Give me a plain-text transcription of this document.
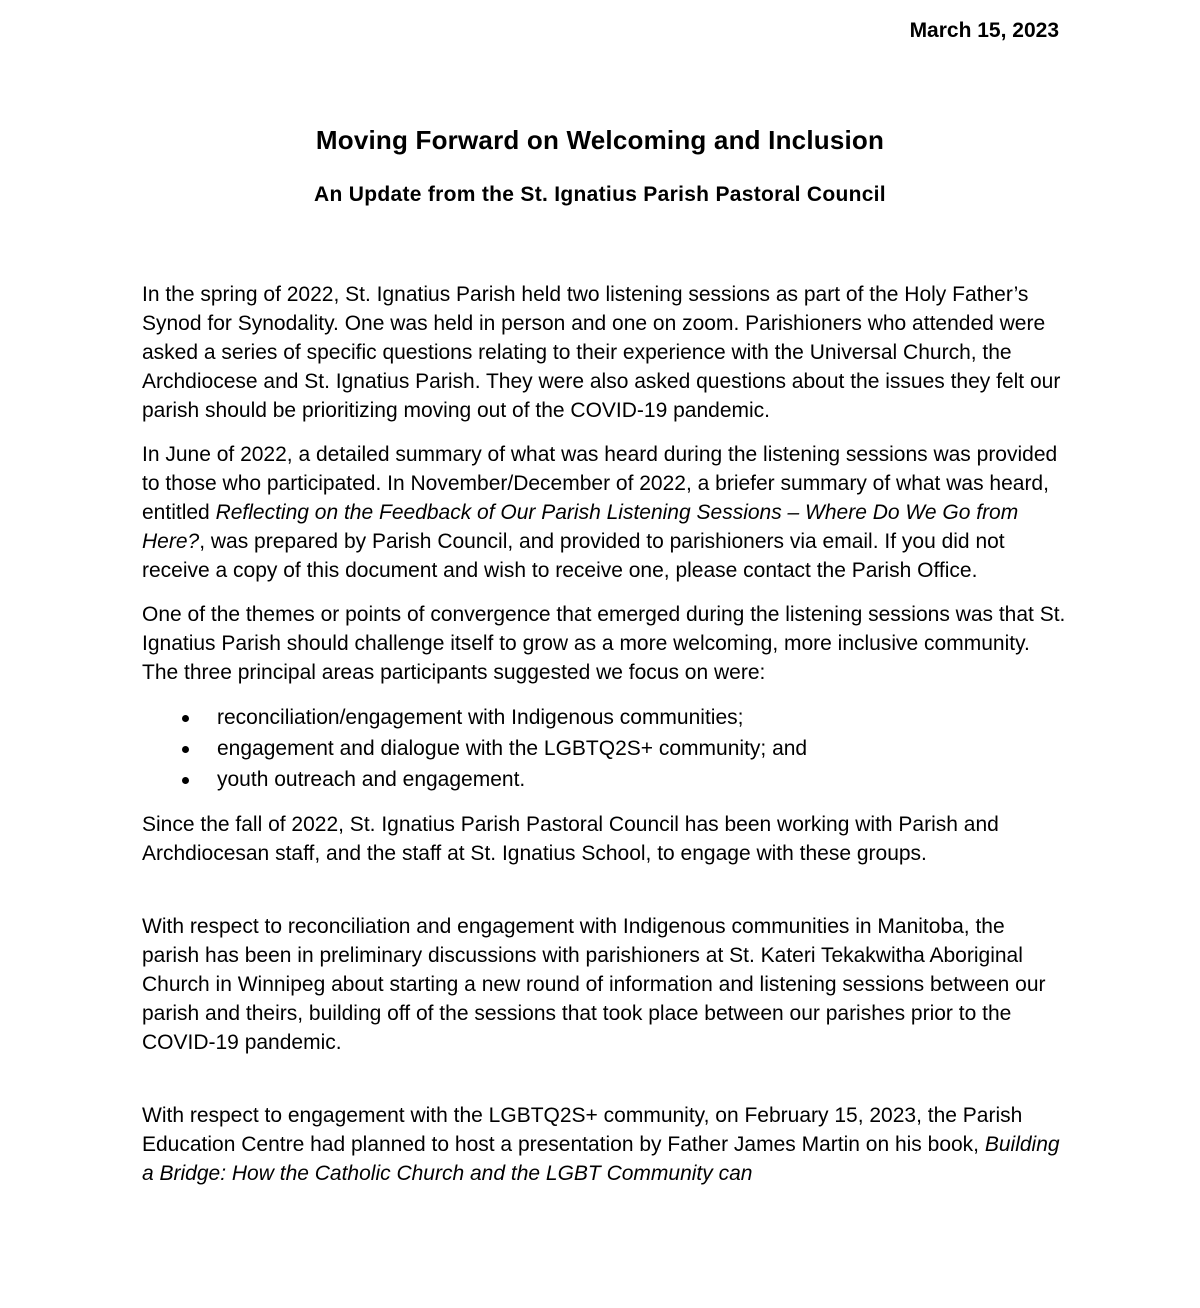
March 15, 2023
Moving Forward on Welcoming and Inclusion
An Update from the St. Ignatius Parish Pastoral Council

In the spring of 2022, St. Ignatius Parish held two listening sessions as part of the Holy Father’s Synod for Synodality. One was held in person and one on zoom. Parishioners who attended were asked a series of specific questions relating to their experience with the Universal Church, the Archdiocese and St. Ignatius Parish. They were also asked questions about the issues they felt our parish should be prioritizing moving out of the COVID-19 pandemic.

In June of 2022, a detailed summary of what was heard during the listening sessions was provided to those who participated. In November/December of 2022, a briefer summary of what was heard, entitled Reflecting on the Feedback of Our Parish Listening Sessions – Where Do We Go from Here?, was prepared by Parish Council, and provided to parishioners via email. If you did not receive a copy of this document and wish to receive one, please contact the Parish Office.

One of the themes or points of convergence that emerged during the listening sessions was that St. Ignatius Parish should challenge itself to grow as a more welcoming, more inclusive community. The three principal areas participants suggested we focus on were:

reconciliation/engagement with Indigenous communities;
engagement and dialogue with the LGBTQ2S+ community; and
youth outreach and engagement.

Since the fall of 2022, St. Ignatius Parish Pastoral Council has been working with Parish and Archdiocesan staff, and the staff at St. Ignatius School, to engage with these groups.

With respect to reconciliation and engagement with Indigenous communities in Manitoba, the parish has been in preliminary discussions with parishioners at St. Kateri Tekakwitha Aboriginal Church in Winnipeg about starting a new round of information and listening sessions between our parish and theirs, building off of the sessions that took place between our parishes prior to the COVID-19 pandemic.

With respect to engagement with the LGBTQ2S+ community, on February 15, 2023, the Parish Education Centre had planned to host a presentation by Father James Martin on his book, Building a Bridge: How the Catholic Church and the LGBT Community can
